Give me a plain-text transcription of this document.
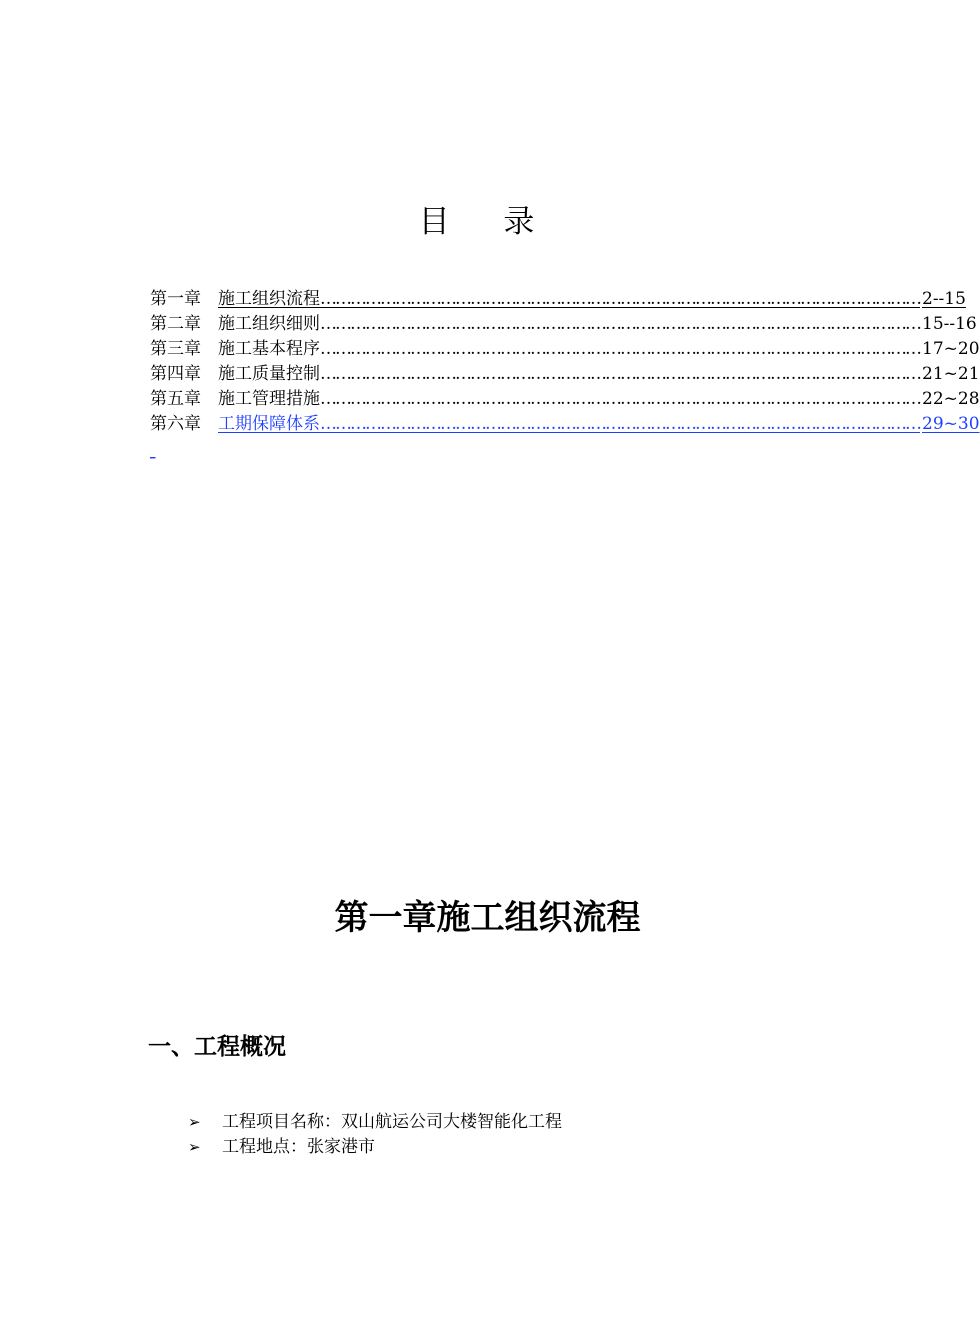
目 录
第一章	施工组织流程 ………………………………………………………………………………………………………… 2--15
第二章	施工组织细则 ………………………………………………………………………………………………………… 15--16
第三章	施工基本程序 ………………………………………………………………………………………………………… 17~20
第四章	施工质量控制 ………………………………………………………………………………………………………… 21~21
第五章	施工管理措施 ………………………………………………………………………………………………………… 22~28
第六章	工期保障体系 ………………………………………………………………………………………………………… 29~30
_
第一章施工组织流程
一、工程概况
➢	工程项目名称：双山航运公司大楼智能化工程
➢	工程地点：张家港市
